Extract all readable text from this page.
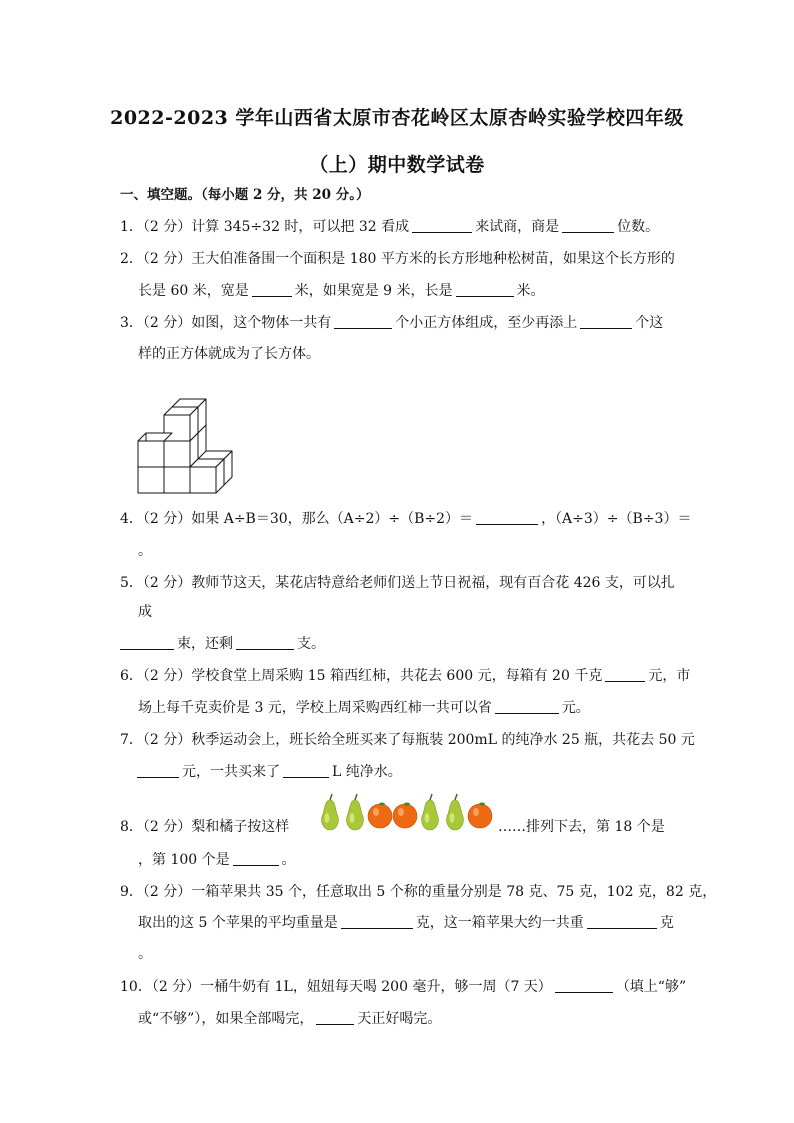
2022-2023 学年山西省太原市杏花岭区太原杏岭实验学校四年级
（上）期中数学试卷
一、填空题。（每小题 2 分，共 20 分。）
1．（2 分）计算 345÷32 时，可以把 32 看成	来试商，商是	位数。
2．（2 分）王大伯准备围一个面积是 180 平方米的长方形地种松树苗，如果这个长方形的
长是 60 米，宽是	米，如果宽是 9 米，长是	米。
3．（2 分）如图，这个物体一共有	个小正方体组成，至少再添上	个这
样的正方体就成为了长方体。
4．（2 分）如果 A÷B＝30，那么（A÷2）÷（B÷2）＝	，（A÷3）÷（B÷3）＝
。
5．（2 分）教师节这天，某花店特意给老师们送上节日祝福，现有百合花 426 支，可以扎
成
束，还剩	支。
6．（2 分）学校食堂上周采购 15 箱西红柿，共花去 600 元，每箱有 20 千克	元，市
场上每千克卖价是 3 元，学校上周采购西红柿一共可以省	元。
7．（2 分）秋季运动会上，班长给全班买来了每瓶装 200mL 的纯净水 25 瓶，共花去 50 元
元，一共买来了	L 纯净水。
8．（2 分）梨和橘子按这样	……排列下去，第 18 个是
，第 100 个是	。
9．（2 分）一箱苹果共 35 个，任意取出 5 个称的重量分别是 78 克、75 克，102 克，82 克，
取出的这 5 个苹果的平均重量是	克，这一箱苹果大约一共重	克
。
10．（2 分）一桶牛奶有 1L，妞妞每天喝 200 毫升，够一周（7 天）	（填上“够”
或“不够”），如果全部喝完，	天正好喝完。
